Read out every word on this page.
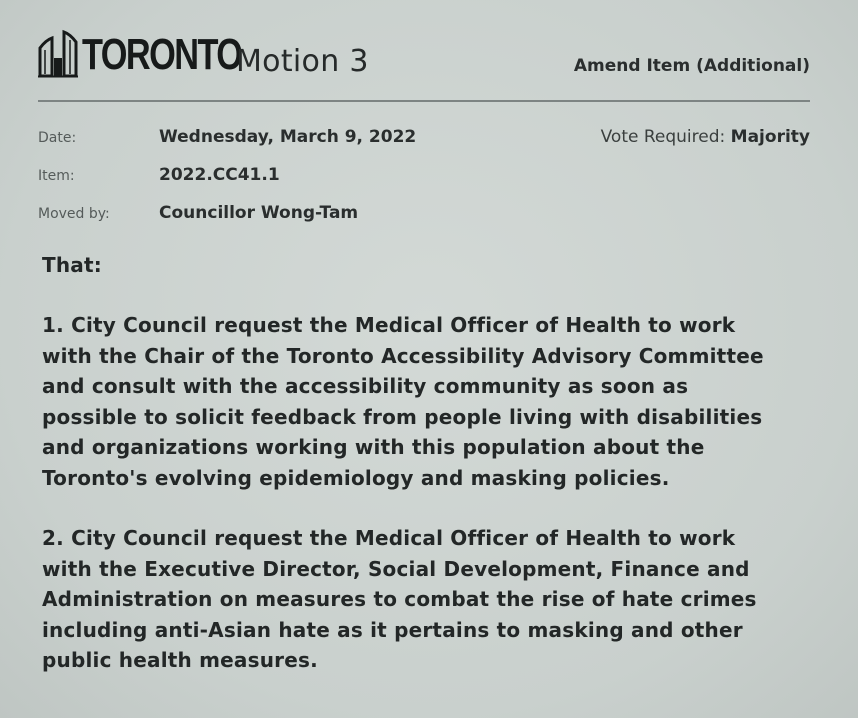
TORONTO
Motion 3	Amend Item (Additional)
Date:	Wednesday, March 9, 2022	Vote Required: Majority
Item:	2022.CC41.1
Moved by:	Councillor Wong-Tam
That:
1. City Council request the Medical Officer of Health to work
with the Chair of the Toronto Accessibility Advisory Committee
and consult with the accessibility community as soon as
possible to solicit feedback from people living with disabilities
and organizations working with this population about the
Toronto's evolving epidemiology and masking policies.
2. City Council request the Medical Officer of Health to work
with the Executive Director, Social Development, Finance and
Administration on measures to combat the rise of hate crimes
including anti-Asian hate as it pertains to masking and other
public health measures.
